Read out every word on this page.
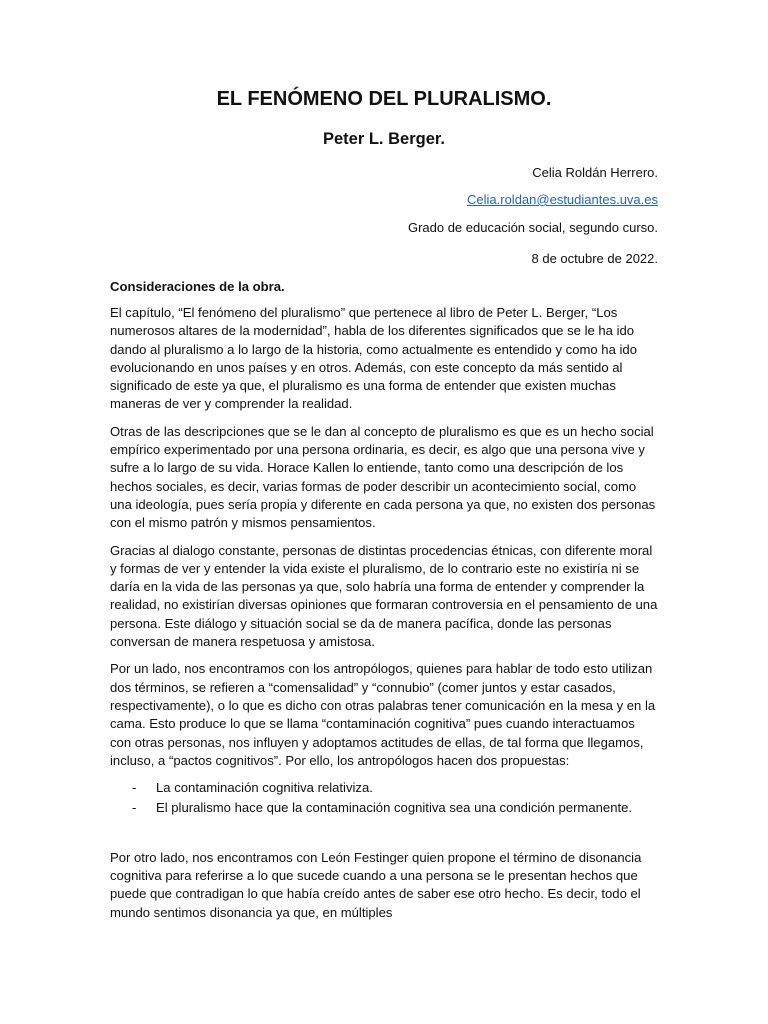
EL FENÓMENO DEL PLURALISMO.
Peter L. Berger.
Celia Roldán Herrero.
Celia.roldan@estudiantes.uva.es
Grado de educación social, segundo curso.
8 de octubre de 2022.
Consideraciones de la obra.

El capítulo, “El fenómeno del pluralismo” que pertenece al libro de Peter L. Berger, “Los numerosos altares de la modernidad”, habla de los diferentes significados que se le ha ido dando al pluralismo a lo largo de la historia, como actualmente es entendido y como ha ido evolucionando en unos países y en otros. Además, con este concepto da más sentido al significado de este ya que, el pluralismo es una forma de entender que existen muchas maneras de ver y comprender la realidad.

Otras de las descripciones que se le dan al concepto de pluralismo es que es un hecho social empírico experimentado por una persona ordinaria, es decir, es algo que una persona vive y sufre a lo largo de su vida. Horace Kallen lo entiende, tanto como una descripción de los hechos sociales, es decir, varias formas de poder describir un acontecimiento social, como una ideología, pues sería propia y diferente en cada persona ya que, no existen dos personas con el mismo patrón y mismos pensamientos.

Gracias al dialogo constante, personas de distintas procedencias étnicas, con diferente moral y formas de ver y entender la vida existe el pluralismo, de lo contrario este no existiría ni se daría en la vida de las personas ya que, solo habría una forma de entender y comprender la realidad, no existirían diversas opiniones que formaran controversia en el pensamiento de una persona. Este diálogo y situación social se da de manera pacífica, donde las personas conversan de manera respetuosa y amistosa.

Por un lado, nos encontramos con los antropólogos, quienes para hablar de todo esto utilizan dos términos, se refieren a “comensalidad” y “connubio” (comer juntos y estar casados, respectivamente), o lo que es dicho con otras palabras tener comunicación en la mesa y en la cama. Esto produce lo que se llama “contaminación cognitiva” pues cuando interactuamos con otras personas, nos influyen y adoptamos actitudes de ellas, de tal forma que llegamos, incluso, a “pactos cognitivos”. Por ello, los antropólogos hacen dos propuestas:

-	La contaminación cognitiva relativiza.
-	El pluralismo hace que la contaminación cognitiva sea una condición permanente.

Por otro lado, nos encontramos con León Festinger quien propone el término de disonancia cognitiva para referirse a lo que sucede cuando a una persona se le presentan hechos que puede que contradigan lo que había creído antes de saber ese otro hecho. Es decir, todo el mundo sentimos disonancia ya que, en múltiples
